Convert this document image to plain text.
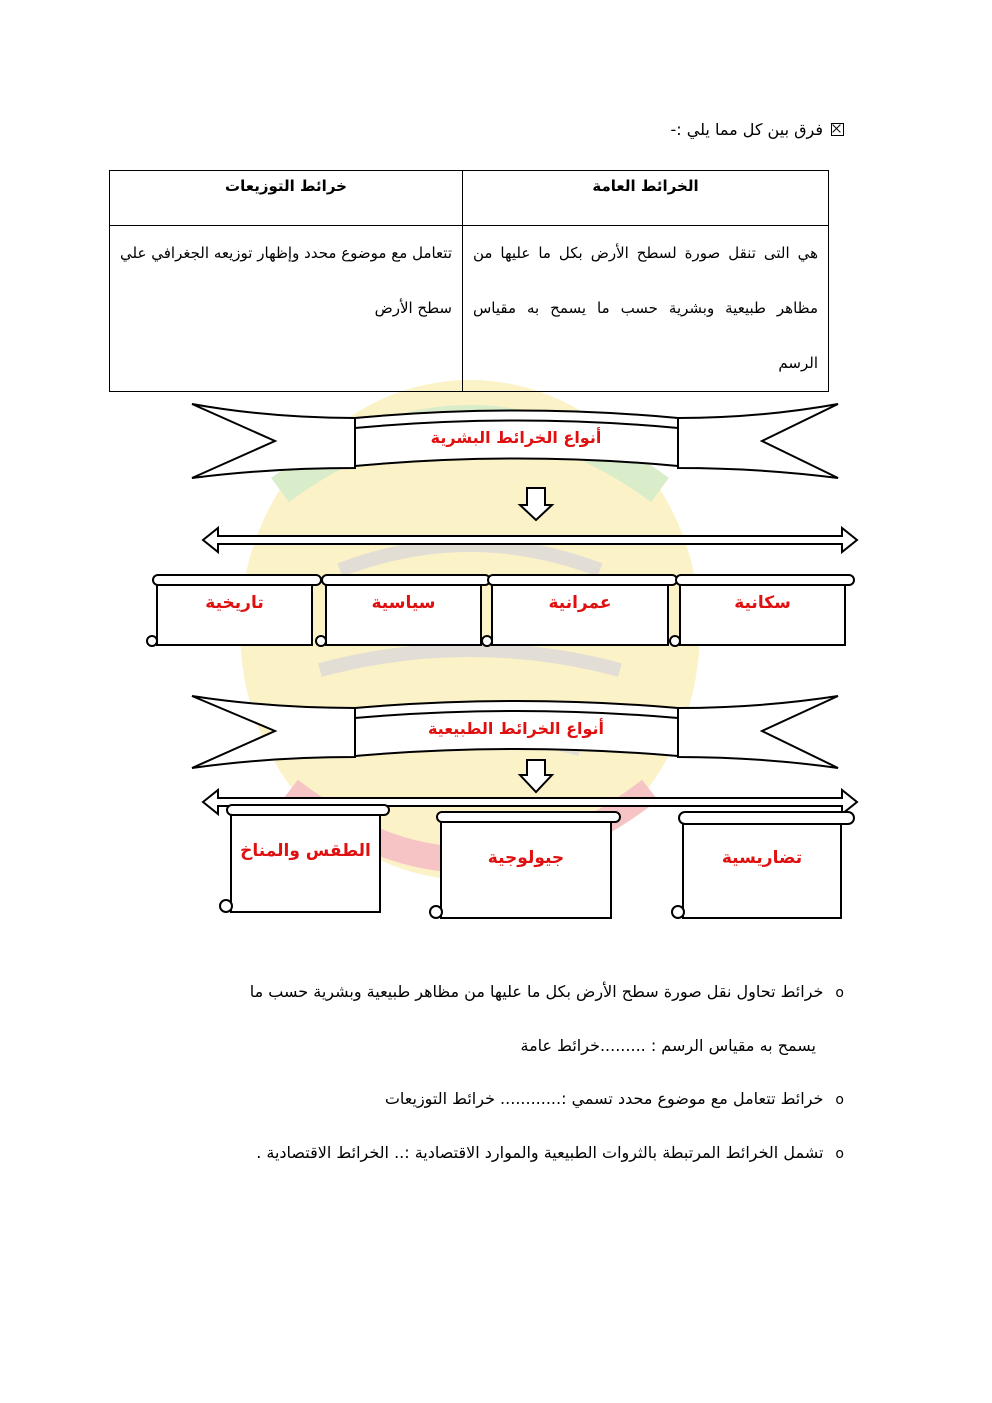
فرق بين كل مما يلي :-
الخرائط العامة	خرائط التوزيعات
هي التى تنقل صورة لسطح الأرض بكل ما عليها من مظاهر طبيعية وبشرية حسب ما يسمح به مقياس الرسم	تتعامل مع موضوع محدد وإظهار توزيعه الجغرافي علي سطح الأرض
أنواع الخرائط البشرية
أنواع الخرائط الطبيعية
سكانية
عمرانية
سياسية
تاريخية
تضاريسية
جيولوجية
الطقس والمناخ
o
خرائط تحاول نقل صورة سطح الأرض بكل ما عليها من مظاهر طبيعية وبشرية حسب ما
يسمح به مقياس الرسم : .........خرائط عامة
o
خرائط تتعامل مع موضوع محدد تسمي :............ خرائط التوزيعات
o
تشمل الخرائط المرتبطة بالثروات الطبيعية والموارد الاقتصادية :.. الخرائط الاقتصادية .
